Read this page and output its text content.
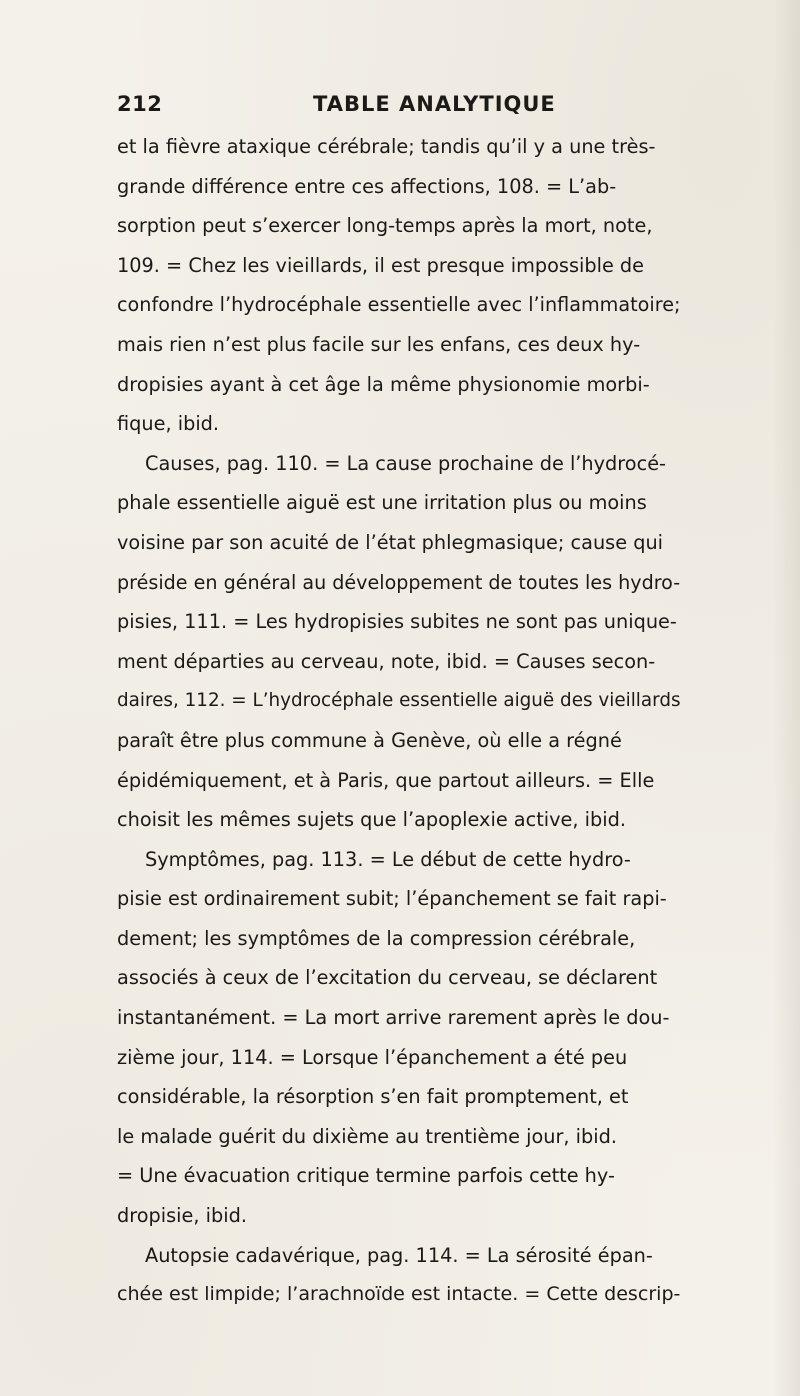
212	TABLE ANALYTIQUE
et la fièvre ataxique cérébrale; tandis qu’il y a une très-
grande différence entre ces affections, 108. = L’ab-
sorption peut s’exercer long-temps après la mort, note,
109. = Chez les vieillards, il est presque impossible de
confondre l’hydrocéphale essentielle avec l’inflammatoire;
mais rien n’est plus facile sur les enfans, ces deux hy-
dropisies ayant à cet âge la même physionomie morbi-
fique, ibid.
Causes, pag. 110. = La cause prochaine de l’hydrocé-
phale essentielle aiguë est une irritation plus ou moins
voisine par son acuité de l’état phlegmasique; cause qui
préside en général au développement de toutes les hydro-
pisies, 111. = Les hydropisies subites ne sont pas unique-
ment départies au cerveau, note, ibid. = Causes secon-
daires, 112. = L’hydrocéphale essentielle aiguë des vieillards
paraît être plus commune à Genève, où elle a régné
épidémiquement, et à Paris, que partout ailleurs. = Elle
choisit les mêmes sujets que l’apoplexie active, ibid.
Symptômes, pag. 113. = Le début de cette hydro-
pisie est ordinairement subit; l’épanchement se fait rapi-
dement; les symptômes de la compression cérébrale,
associés à ceux de l’excitation du cerveau, se déclarent
instantanément. = La mort arrive rarement après le dou-
zième jour, 114. = Lorsque l’épanchement a été peu
considérable, la résorption s’en fait promptement, et
le malade guérit du dixième au trentième jour, ibid.
= Une évacuation critique termine parfois cette hy-
dropisie, ibid.
Autopsie cadavérique, pag. 114. = La sérosité épan-
chée est limpide; l’arachnoïde est intacte. = Cette descrip-
